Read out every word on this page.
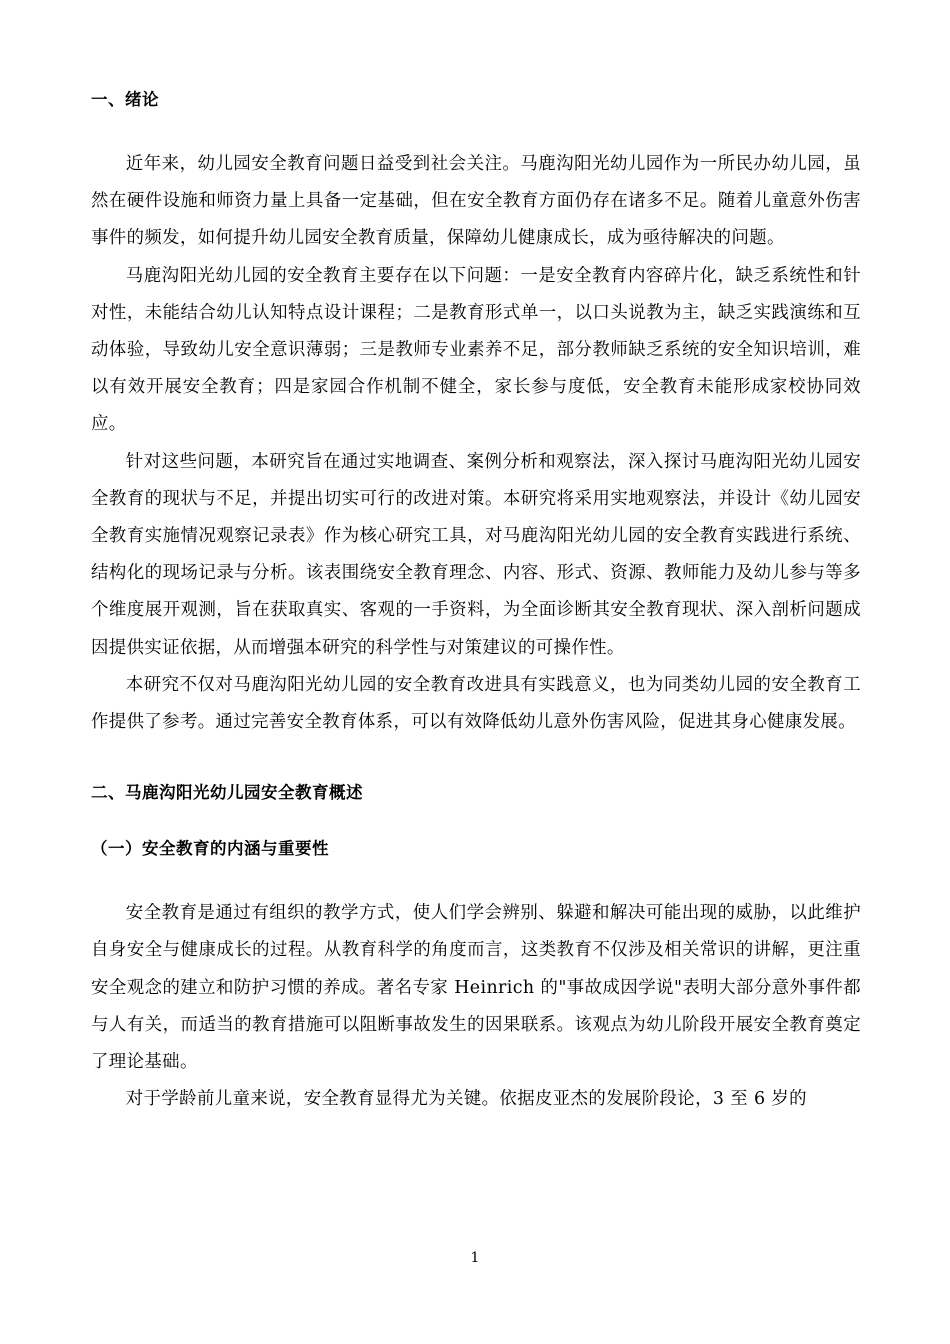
一、绪论

近年来，幼儿园安全教育问题日益受到社会关注。马鹿沟阳光幼儿园作为一所民办幼儿园，虽然在硬件设施和师资力量上具备一定基础，但在安全教育方面仍存在诸多不足。随着儿童意外伤害事件的频发，如何提升幼儿园安全教育质量，保障幼儿健康成长，成为亟待解决的问题。

马鹿沟阳光幼儿园的安全教育主要存在以下问题：一是安全教育内容碎片化，缺乏系统性和针对性，未能结合幼儿认知特点设计课程；二是教育形式单一，以口头说教为主，缺乏实践演练和互动体验，导致幼儿安全意识薄弱；三是教师专业素养不足，部分教师缺乏系统的安全知识培训，难以有效开展安全教育；四是家园合作机制不健全，家长参与度低，安全教育未能形成家校协同效应。

针对这些问题，本研究旨在通过实地调查、案例分析和观察法，深入探讨马鹿沟阳光幼儿园安全教育的现状与不足，并提出切实可行的改进对策。本研究将采用实地观察法，并设计《幼儿园安全教育实施情况观察记录表》作为核心研究工具，对马鹿沟阳光幼儿园的安全教育实践进行系统、结构化的现场记录与分析。该表围绕安全教育理念、内容、形式、资源、教师能力及幼儿参与等多个维度展开观测，旨在获取真实、客观的一手资料，为全面诊断其安全教育现状、深入剖析问题成因提供实证依据，从而增强本研究的科学性与对策建议的可操作性。

本研究不仅对马鹿沟阳光幼儿园的安全教育改进具有实践意义，也为同类幼儿园的安全教育工作提供了参考。通过完善安全教育体系，可以有效降低幼儿意外伤害风险，促进其身心健康发展。

二、马鹿沟阳光幼儿园安全教育概述
（一）安全教育的内涵与重要性

安全教育是通过有组织的教学方式，使人们学会辨别、躲避和解决可能出现的威胁，以此维护自身安全与健康成长的过程。从教育科学的角度而言，这类教育不仅涉及相关常识的讲解，更注重安全观念的建立和防护习惯的养成。著名专家 Heinrich 的"事故成因学说"表明大部分意外事件都与人有关，而适当的教育措施可以阻断事故发生的因果联系。该观点为幼儿阶段开展安全教育奠定了理论基础。

对于学龄前儿童来说，安全教育显得尤为关键。依据皮亚杰的发展阶段论，3 至 6 岁的

1
